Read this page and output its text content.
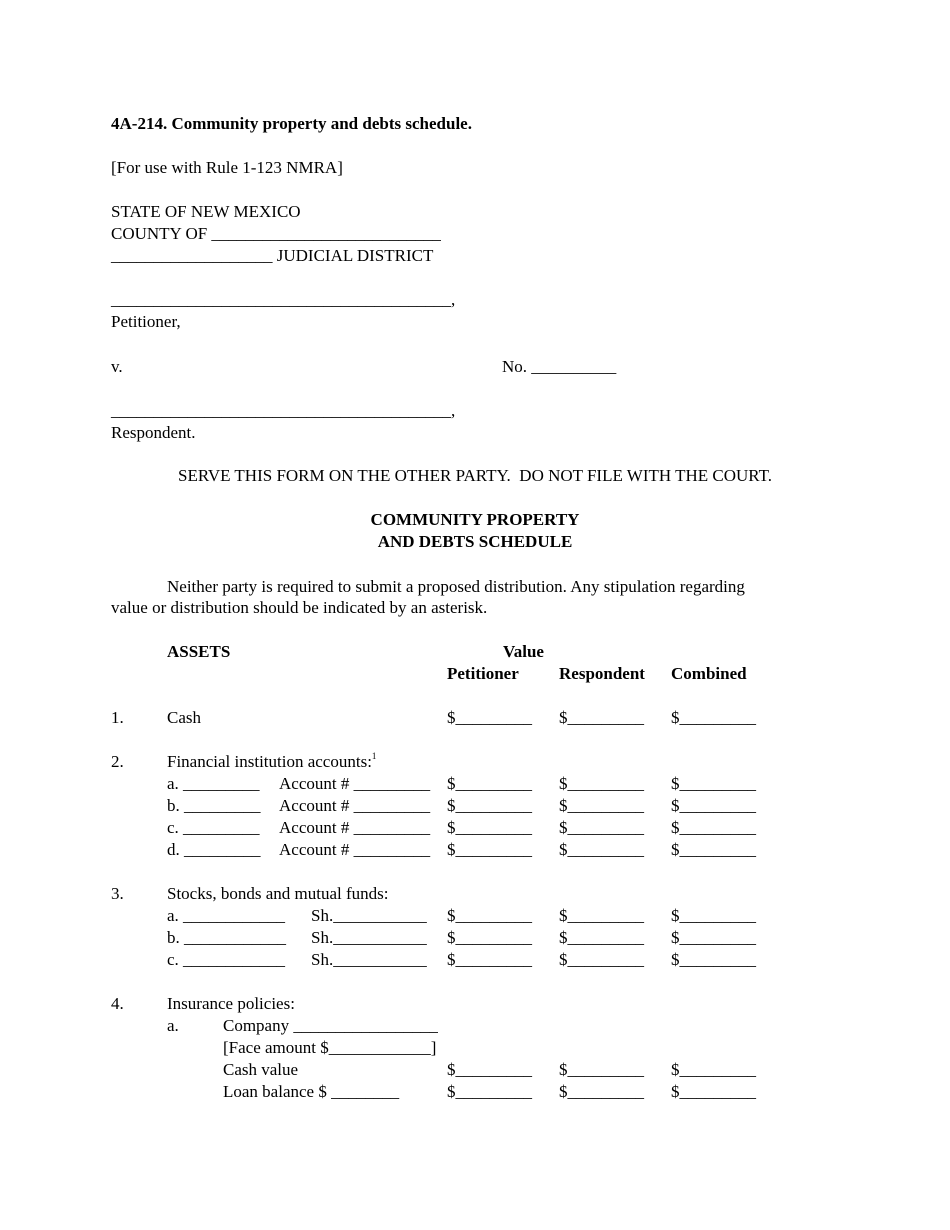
4A-214. Community property and debts schedule.
[For use with Rule 1-123 NMRA]
STATE OF NEW MEXICO
COUNTY OF ___________________________
___________________ JUDICIAL DISTRICT
________________________________________,
Petitioner,
v.	No. __________
________________________________________,
Respondent.
SERVE THIS FORM ON THE OTHER PARTY.  DO NOT FILE WITH THE COURT.
COMMUNITY PROPERTY
AND DEBTS SCHEDULE
Neither party is required to submit a proposed distribution. Any stipulation regarding
value or distribution should be indicated by an asterisk.
ASSETS	Value
Petitioner Respondent Combined
1.	Cash	$_________ $_________ $_________
2.	Financial institution accounts:$^1$
a. _________ Account # _________ $_________ $_________ $_________
b. _________ Account # _________ $_________ $_________ $_________
c. _________ Account # _________ $_________ $_________ $_________
d. _________ Account # _________ $_________ $_________ $_________
3.	Stocks, bonds and mutual funds:
a. ____________ Sh.___________ $_________ $_________ $_________
b. ____________ Sh.___________ $_________ $_________ $_________
c. ____________ Sh.___________ $_________ $_________ $_________
4.	Insurance policies:
a.	Company _________________
[Face amount $____________]
Cash value	$_________ $_________ $_________
Loan balance $ ________	$_________ $_________ $_________
